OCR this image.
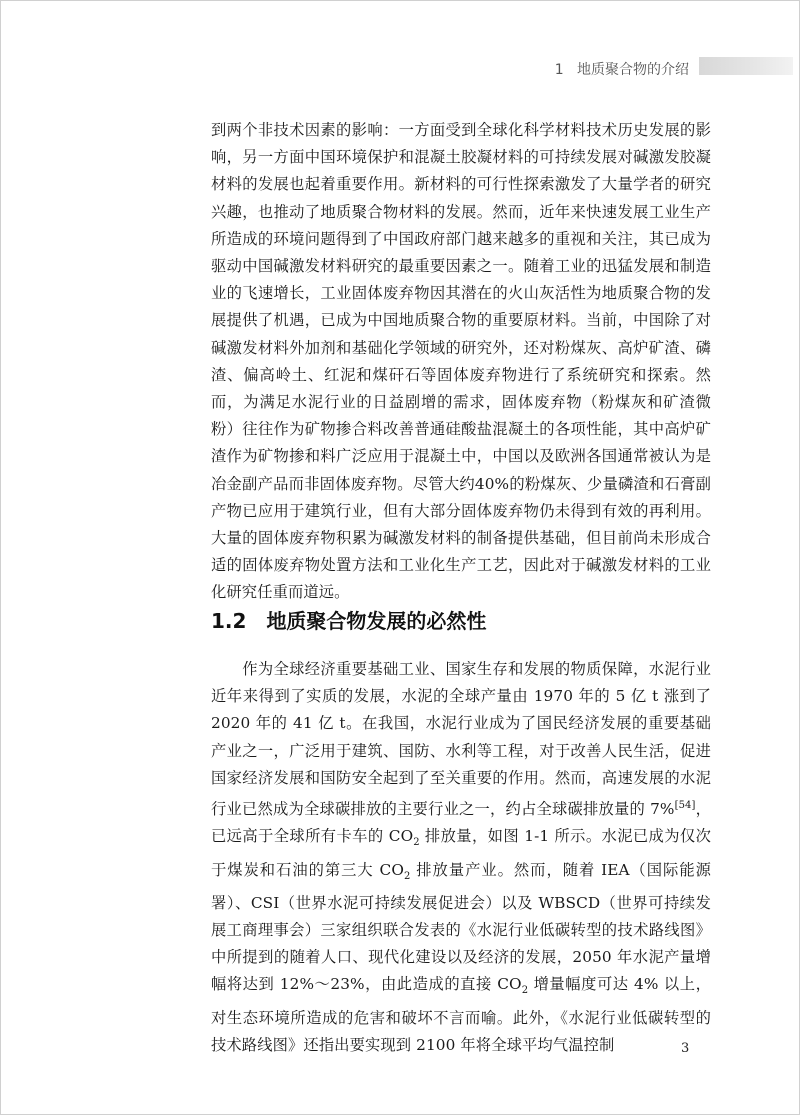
1   地质聚合物的介绍

到两个非技术因素的影响：一方面受到全球化科学材料技术历史发展的影响，另一方面中国环境保护和混凝土胶凝材料的可持续发展对碱激发胶凝材料的发展也起着重要作用。新材料的可行性探索激发了大量学者的研究兴趣，也推动了地质聚合物材料的发展。然而，近年来快速发展工业生产所造成的环境问题得到了中国政府部门越来越多的重视和关注，其已成为驱动中国碱激发材料研究的最重要因素之一。随着工业的迅猛发展和制造业的飞速增长，工业固体废弃物因其潜在的火山灰活性为地质聚合物的发展提供了机遇，已成为中国地质聚合物的重要原材料。当前，中国除了对碱激发材料外加剂和基础化学领域的研究外，还对粉煤灰、高炉矿渣、磷渣、偏高岭土、红泥和煤矸石等固体废弃物进行了系统研究和探索。然而，为满足水泥行业的日益剧增的需求，固体废弃物（粉煤灰和矿渣微粉）往往作为矿物掺合料改善普通硅酸盐混凝土的各项性能，其中高炉矿渣作为矿物掺和料广泛应用于混凝土中，中国以及欧洲各国通常被认为是冶金副产品而非固体废弃物。尽管大约40%的粉煤灰、少量磷渣和石膏副产物已应用于建筑行业，但有大部分固体废弃物仍未得到有效的再利用。大量的固体废弃物积累为碱激发材料的制备提供基础，但目前尚未形成合适的固体废弃物处置方法和工业化生产工艺，因此对于碱激发材料的工业化研究任重而道远。

1.2　 地质聚合物发展的必然性

　　作为全球经济重要基础工业、国家生存和发展的物质保障，水泥行业近年来得到了实质的发展，水泥的全球产量由 1970 年的 5 亿 t 涨到了 2020 年的 41 亿 t。在我国，水泥行业成为了国民经济发展的重要基础产业之一，广泛用于建筑、国防、水利等工程，对于改善人民生活，促进国家经济发展和国防安全起到了至关重要的作用。然而，高速发展的水泥行业已然成为全球碳排放的主要行业之一，约占全球碳排放量的 7%[54]，已远高于全球所有卡车的 $CO_2$ 排放量，如图 1-1 所示。水泥已成为仅次于煤炭和石油的第三大 $CO_2$ 排放量产业。然而，随着 IEA（国际能源署）、CSI（世界水泥可持续发展促进会）以及 WBSCD（世界可持续发展工商理事会）三家组织联合发表的《水泥行业低碳转型的技术路线图》中所提到的随着人口、现代化建设以及经济的发展，2050 年水泥产量增幅将达到 12%～23%，由此造成的直接 $CO_2$ 增量幅度可达 4% 以上，对生态环境所造成的危害和破坏不言而喻。此外，《水泥行业低碳转型的技术路线图》还指出要实现到 2100 年将全球平均气温控制	3
